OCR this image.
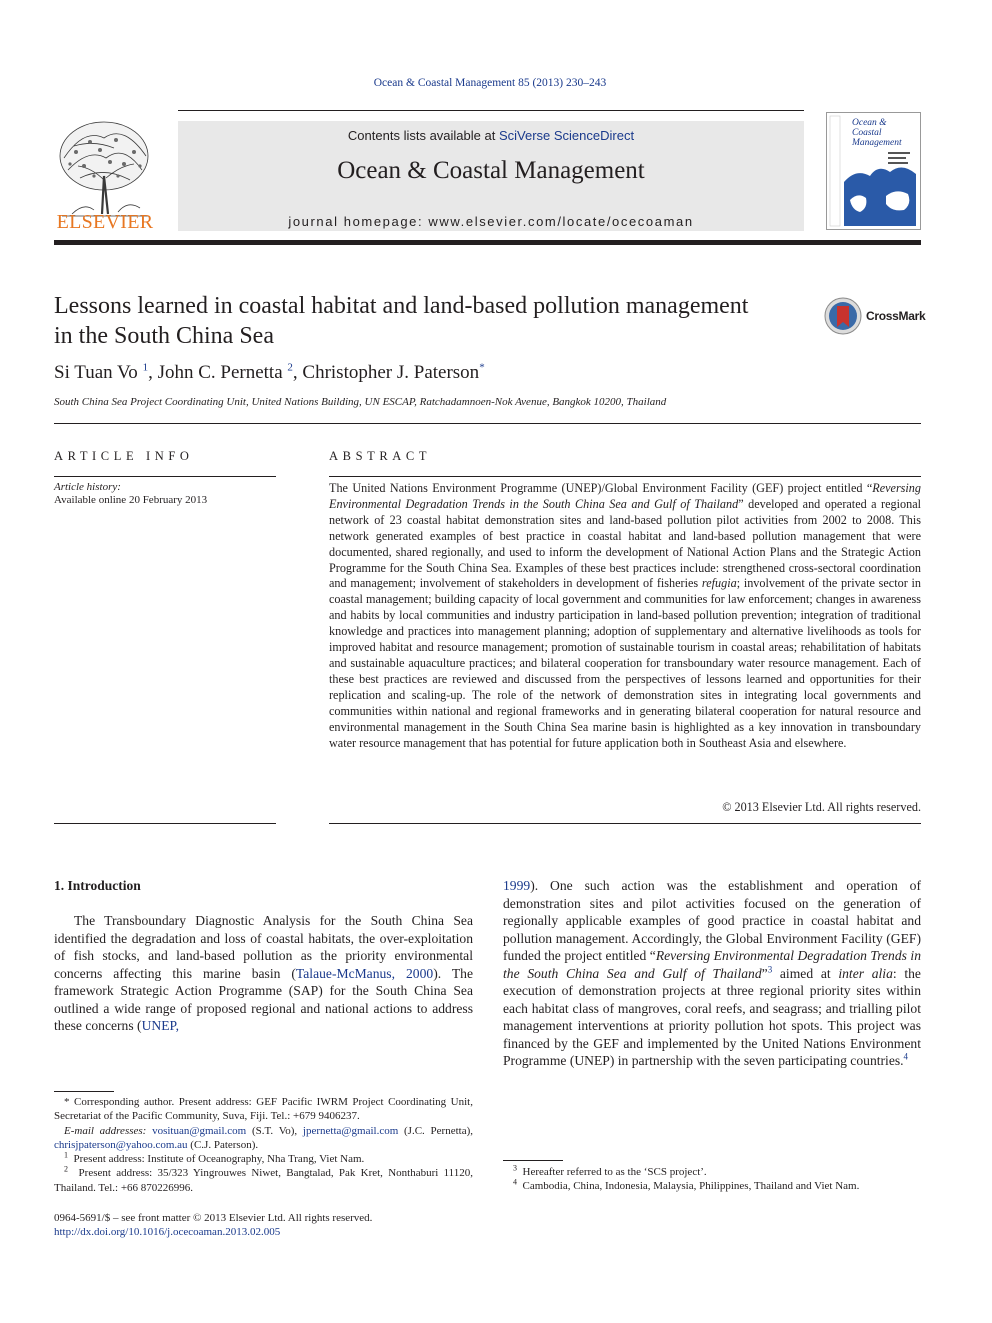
Ocean & Coastal Management 85 (2013) 230–243
ELSEVIER
Contents lists available at SciVerse ScienceDirect
Ocean & Coastal Management
journal homepage: www.elsevier.com/locate/ocecoaman
Ocean & Coastal Management
Lessons learned in coastal habitat and land-based pollution management in the South China Sea
CrossMark
Si Tuan Vo $^1$, John C. Pernetta $^2$, Christopher J. Paterson*
South China Sea Project Coordinating Unit, United Nations Building, UN ESCAP, Ratchadamnoen-Nok Avenue, Bangkok 10200, Thailand
ARTICLE INFO	ABSTRACT
Article history:
Available online 20 February 2013
The United Nations Environment Programme (UNEP)/Global Environment Facility (GEF) project entitled “Reversing Environmental Degradation Trends in the South China Sea and Gulf of Thailand” developed and operated a regional network of 23 coastal habitat demonstration sites and land-based pollution pilot activities from 2002 to 2008. This network generated examples of best practice in coastal habitat and land-based pollution management that were documented, shared regionally, and used to inform the development of National Action Plans and the Strategic Action Programme for the South China Sea. Examples of these best practices include: strengthened cross-sectoral coordination and management; involvement of stakeholders in development of fisheries refugia; involvement of the private sector in coastal management; building capacity of local government and communities for law enforcement; changes in awareness and habits by local communities and industry participation in land-based pollution prevention; integration of traditional knowledge and practices into management planning; adoption of supplementary and alternative livelihoods as tools for improved habitat and resource management; promotion of sustainable tourism in coastal areas; rehabilitation of habitats and sustainable aquaculture practices; and bilateral cooperation for transboundary water resource management. Each of these best practices are reviewed and discussed from the perspectives of lessons learned and opportunities for their replication and scaling-up. The role of the network of demonstration sites in integrating local governments and communities within national and regional frameworks and in generating bilateral cooperation for natural resource and environmental management in the South China Sea marine basin is highlighted as a key innovation in transboundary water resource management that has potential for future application both in Southeast Asia and elsewhere.
© 2013 Elsevier Ltd. All rights reserved.
1. Introduction
The Transboundary Diagnostic Analysis for the South China Sea identified the degradation and loss of coastal habitats, the over-exploitation of fish stocks, and land-based pollution as the priority environmental concerns affecting this marine basin (Talaue-McManus, 2000). The framework Strategic Action Programme (SAP) for the South China Sea outlined a wide range of proposed regional and national actions to address these concerns (UNEP,
1999). One such action was the establishment and operation of demonstration sites and pilot activities focused on the generation of regionally applicable examples of good practice in coastal habitat and pollution management. Accordingly, the Global Environment Facility (GEF) funded the project entitled “Reversing Environmental Degradation Trends in the South China Sea and Gulf of Thailand”$^3$ aimed at inter alia: the execution of demonstration projects at three regional priority sites within each habitat class of mangroves, coral reefs, and seagrass; and trialling pilot management interventions at priority pollution hot spots. This project was financed by the GEF and implemented by the United Nations Environment Programme (UNEP) in partnership with the seven participating countries.$^4$

* Corresponding author. Present address: GEF Pacific IWRM Project Coordinating Unit, Secretariat of the Pacific Community, Suva, Fiji. Tel.: +679 9406237.

E-mail addresses: vosituan@gmail.com (S.T. Vo), jpernetta@gmail.com (J.C. Pernetta), chrisjpaterson@yahoo.com.au (C.J. Paterson).

$^1$ Present address: Institute of Oceanography, Nha Trang, Viet Nam.

$^2$ Present address: 35/323 Yingrouwes Niwet, Bangtalad, Pak Kret, Nonthaburi 11120, Thailand. Tel.: +66 870226996.

$^3$ Hereafter referred to as the ‘SCS project’.

$^4$ Cambodia, China, Indonesia, Malaysia, Philippines, Thailand and Viet Nam.

0964-5691/$ – see front matter © 2013 Elsevier Ltd. All rights reserved.
http://dx.doi.org/10.1016/j.ocecoaman.2013.02.005
